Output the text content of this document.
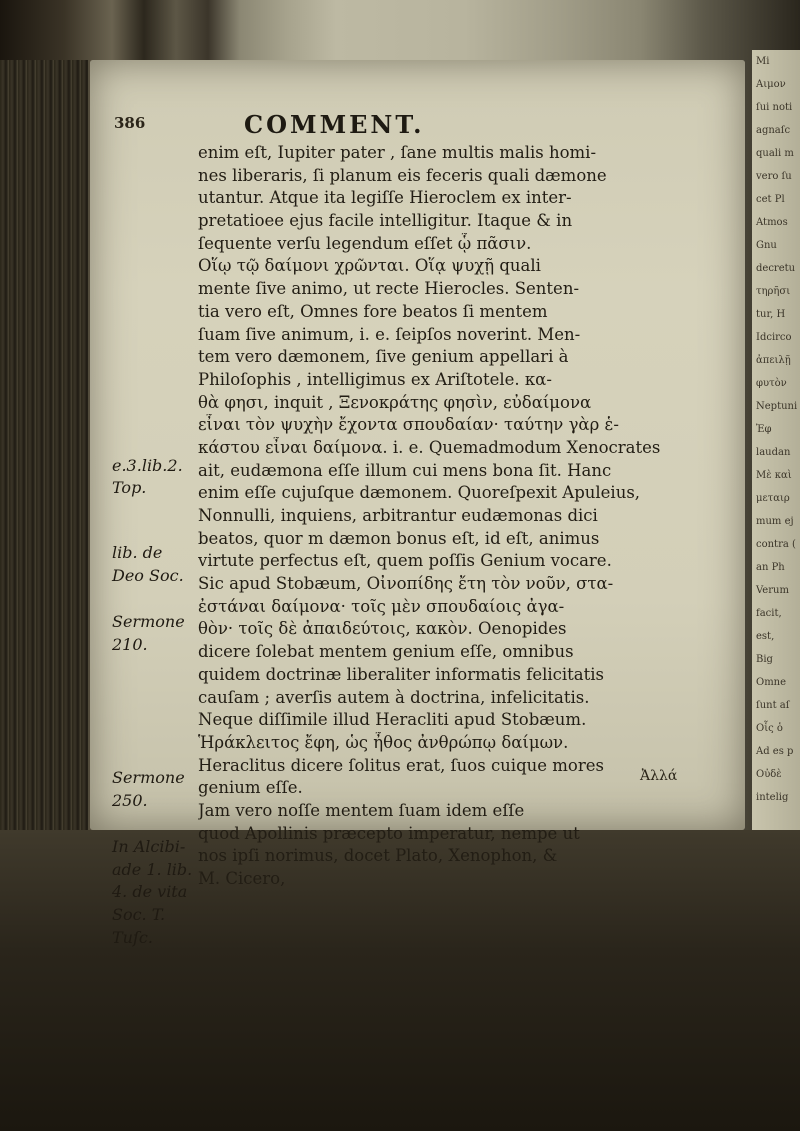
Mi
Αιμον
ſui noti
agnaſc
quali m
vero ſu
cet Pl
Atmos
Gnu
decretu
τηρῆσι
tur, H
Idcirco
ἀπειλῇ
φυτὸν
Neptuni
Ἐφ
laudan
Μὲ καὶ
μεταιρ
mum ej
contra (
an Ph
Verum
facit,
est,
Big
Omne
ſunt aſ
Οἷς ὁ
Ad es p
Οὐδὲ
intelig
386	COMMENT.
enim eſt, Iupiter pater , ſane multis malis homi-
nes liberaris, ſi planum eis feceris quali dæmone
utantur. Atque ita legiſſe Hieroclem ex inter-
pretatioee ejus facile intelligitur. Itaque & in
ſequente verſu legendum eſſet ᾧ πᾶσιν.
Οἵῳ τῷ δαίμονι χρῶνται. Οἵᾳ ψυχῇ quali
mente ſive animo, ut recte Hierocles. Senten-
tia vero eſt, Omnes fore beatos ſi mentem
ſuam ſive animum, i. e. ſeipſos noverint. Men-
tem vero dæmonem, ſive genium appellari à
Philoſophis , intelligimus ex Ariſtotele. κα-
θὰ φησι, inquit , Ξενοκράτης φησὶν, εὐδαίμονα
εἶναι τὸν ψυχὴν ἔχοντα σπουδαίαν· ταύτην γὰρ ἑ-
κάστου εἶναι δαίμονα. i. e. Quemadmodum Xenocrates
ait, eudæmona eſſe illum cui mens bona ſit. Hanc
enim eſſe cujuſque dæmonem. Quoreſpexit Apuleius,
Nonnulli, inquiens, arbitrantur eudæmonas dici
beatos, quor m dæmon bonus eſt, id eſt, animus
virtute perfectus eſt, quem poſſis Genium vocare.
Sic apud Stobæum, Οἰνοπίδης ἔτη τὸν νοῦν, στα-
ἐστάναι δαίμονα· τοῖς μὲν σπουδαίοις ἀγα-
θὸν· τοῖς δὲ ἀπαιδεύτοις, κακὸν. Oenopides
dicere ſolebat mentem genium eſſe, omnibus
quidem doctrinæ liberaliter informatis felicitatis
cauſam ; averſis autem à doctrina, infelicitatis.
Neque diſſimile illud Heracliti apud Stobæum.
Ἡράκλειτος ἔφη, ὡς ἦθος ἀνθρώπῳ δαίμων.
Heraclitus dicere ſolitus erat, ſuos cuique mores
genium eſſe.
Jam vero noſſe mentem ſuam idem eſſe
quod Apollinis præcepto imperatur, nempe ut
nos ipſi norimus, docet Plato, Xenophon, &
M. Cicero,
e.3.lib.2.
Top.
lib. de
Deo Soc.
Sermone
210.
Sermone
250.
In Alcibi-
ade 1. lib.
4. de vita
Soc. T.
Tuſc.
Ἀλλά
